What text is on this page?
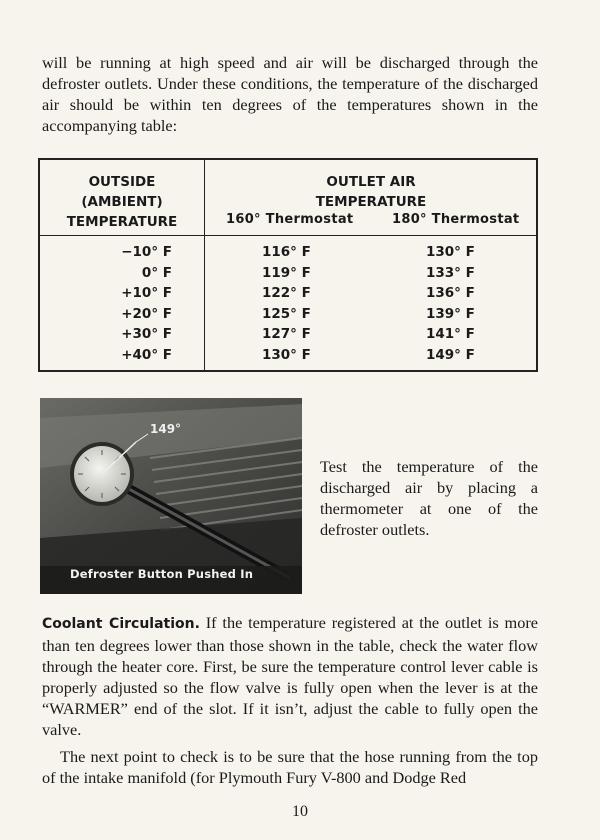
will be running at high speed and air will be discharged through the defroster outlets. Under these conditions, the temperature of the discharged air should be within ten degrees of the temperatures shown in the accompanying table:

OUTSIDE
(AMBIENT)
TEMPERATURE
OUTLET AIR
TEMPERATURE
160° Thermostat	180° Thermostat
−10° F
0° F
+10° F
+20° F
+30° F
+40° F
116° F
119° F
122° F
125° F
127° F
130° F
130° F
133° F
136° F
139° F
141° F
149° F
149°
Defroster Button Pushed In

Test the temperature of the discharged air by placing a thermometer at one of the defroster outlets.

Coolant Circulation. If the temperature registered at the outlet is more than ten degrees lower than those shown in the table, check the water flow through the heater core. First, be sure the temperature control lever cable is properly adjusted so the flow valve is fully open when the lever is at the “WARMER” end of the slot. If it isn’t, adjust the cable to fully open the valve.

The next point to check is to be sure that the hose running from the top of the intake manifold (for Plymouth Fury V-800 and Dodge Red

10
